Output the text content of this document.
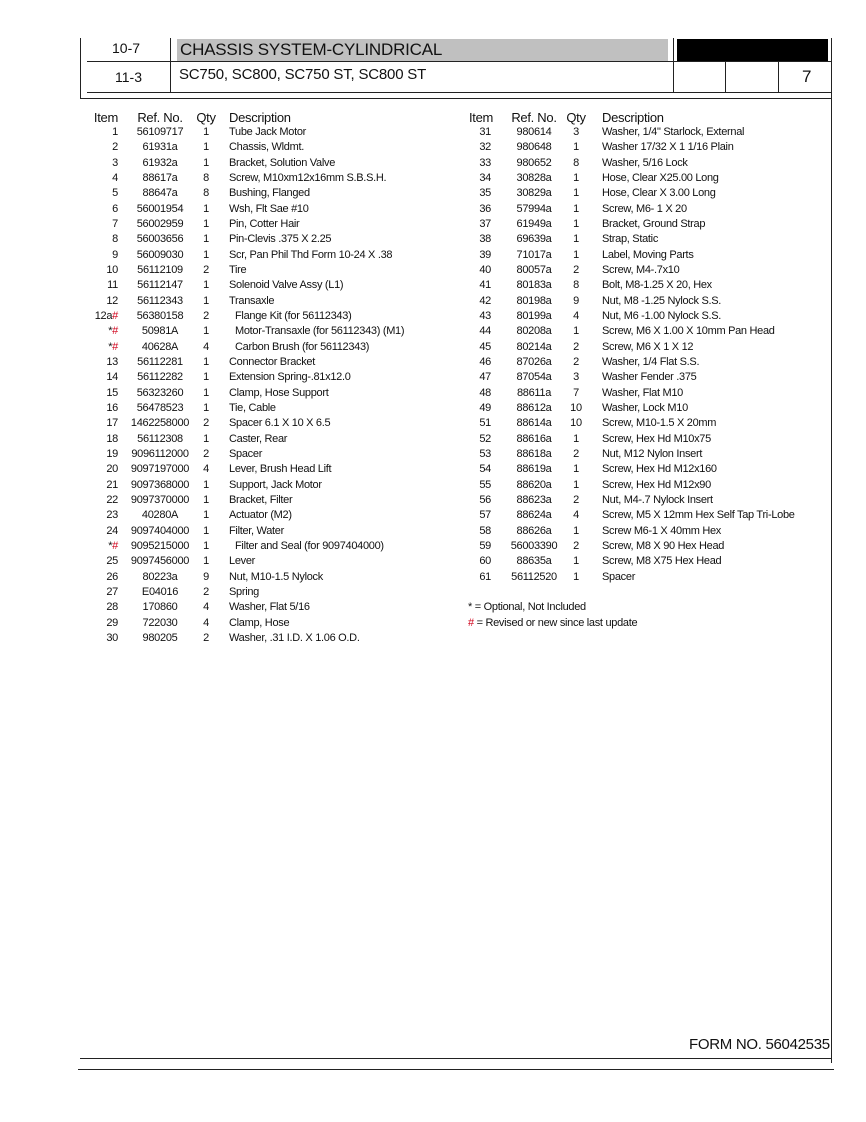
10-7
11-3
CHASSIS SYSTEM-CYLINDRICAL
SC750, SC800, SC750 ST, SC800 ST	7
Item	Ref. No.	Qty Description
1	56109717	1	Tube Jack Motor
2	61931a	1	Chassis, Wldmt.
3	61932a	1	Bracket, Solution Valve
4	88617a	8	Screw, M10xm12x16mm S.B.S.H.
5	88647a	8	Bushing, Flanged
6	56001954	1	Wsh, Flt Sae #10
7	56002959	1	Pin, Cotter Hair
8	56003656	1	Pin-Clevis .375 X 2.25
9	56009030	1	Scr, Pan Phil Thd Form 10-24 X .38
10	56112109	2	Tire
11	56112147	1	Solenoid Valve Assy (L1)
12	56112343	1	Transaxle
12a#	56380158	2	Flange Kit (for 56112343)
*#	50981A	1	Motor-Transaxle (for 56112343) (M1)
*#	40628A	4	Carbon Brush (for 56112343)
13	56112281	1	Connector Bracket
14	56112282	1	Extension Spring-.81x12.0
15	56323260	1	Clamp, Hose Support
16	56478523	1	Tie, Cable
17	1462258000	2	Spacer 6.1 X 10 X 6.5
18	56112308	1	Caster, Rear
19	9096112000	2	Spacer
20	9097197000	4	Lever, Brush Head Lift
21	9097368000	1	Support, Jack Motor
22	9097370000	1	Bracket, Filter
23	40280A	1	Actuator (M2)
24	9097404000	1	Filter, Water
*#	9095215000	1	Filter and Seal (for 9097404000)
25	9097456000	1	Lever
26	80223a	9	Nut, M10-1.5 Nylock
27	E04016	2	Spring
28	170860	4	Washer, Flat 5/16
29	722030	4	Clamp, Hose
30	980205	2	Washer, .31 I.D. X 1.06 O.D.
Item	Ref. No. Qty Description
31	980614	3	Washer, 1/4" Starlock, External
32	980648	1	Washer 17/32 X 1 1/16 Plain
33	980652	8	Washer, 5/16 Lock
34	30828a	1	Hose, Clear X25.00 Long
35	30829a	1	Hose, Clear X 3.00 Long
36	57994a	1	Screw, M6- 1 X 20
37	61949a	1	Bracket, Ground Strap
38	69639a	1	Strap, Static
39	71017a	1	Label, Moving Parts
40	80057a	2	Screw, M4-.7x10
41	80183a	8	Bolt, M8-1.25 X 20, Hex
42	80198a	9	Nut, M8 -1.25 Nylock S.S.
43	80199a	4	Nut, M6 -1.00 Nylock S.S.
44	80208a	1	Screw, M6 X 1.00 X 10mm Pan Head
45	80214a	2	Screw, M6 X 1 X 12
46	87026a	2	Washer, 1/4 Flat S.S.
47	87054a	3	Washer Fender .375
48	88611a	7	Washer, Flat M10
49	88612a	10	Washer, Lock M10
51	88614a	10	Screw, M10-1.5 X 20mm
52	88616a	1	Screw, Hex Hd M10x75
53	88618a	2	Nut, M12 Nylon Insert
54	88619a	1	Screw, Hex Hd M12x160
55	88620a	1	Screw, Hex Hd M12x90
56	88623a	2	Nut, M4-.7 Nylock Insert
57	88624a	4	Screw, M5 X 12mm Hex Self Tap Tri-Lobe
58	88626a	1	Screw M6-1 X 40mm Hex
59	56003390	2	Screw, M8 X 90 Hex Head
60	88635a	1	Screw, M8 X75 Hex Head
61	56112520	1	Spacer
* = Optional, Not Included
# = Revised or new since last update
FORM NO. 56042535
